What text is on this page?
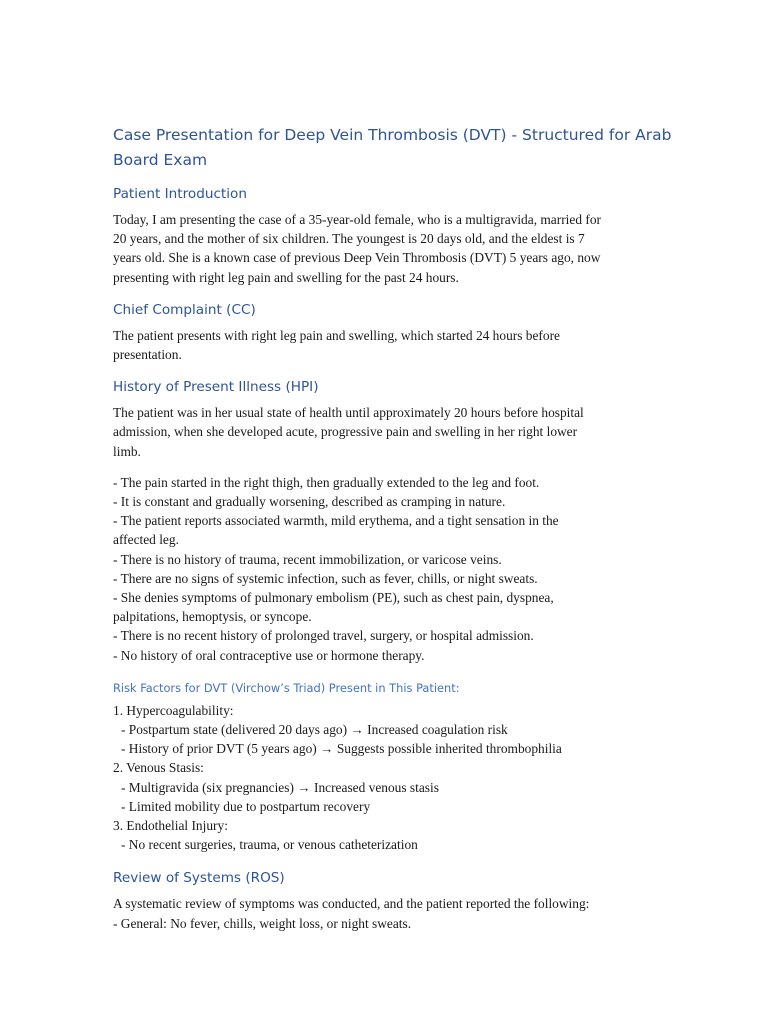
Case Presentation for Deep Vein Thrombosis (DVT) - Structured for Arab
Board Exam
Patient Introduction
Today, I am presenting the case of a 35-year-old female, who is a multigravida, married for
20 years, and the mother of six children. The youngest is 20 days old, and the eldest is 7
years old. She is a known case of previous Deep Vein Thrombosis (DVT) 5 years ago, now
presenting with right leg pain and swelling for the past 24 hours.
Chief Complaint (CC)
The patient presents with right leg pain and swelling, which started 24 hours before
presentation.
History of Present Illness (HPI)
The patient was in her usual state of health until approximately 20 hours before hospital
admission, when she developed acute, progressive pain and swelling in her right lower
limb.
- The pain started in the right thigh, then gradually extended to the leg and foot.
- It is constant and gradually worsening, described as cramping in nature.
- The patient reports associated warmth, mild erythema, and a tight sensation in the
affected leg.
- There is no history of trauma, recent immobilization, or varicose veins.
- There are no signs of systemic infection, such as fever, chills, or night sweats.
- She denies symptoms of pulmonary embolism (PE), such as chest pain, dyspnea,
palpitations, hemoptysis, or syncope.
- There is no recent history of prolonged travel, surgery, or hospital admission.
- No history of oral contraceptive use or hormone therapy.
Risk Factors for DVT (Virchow’s Triad) Present in This Patient:
1. Hypercoagulability:
- Postpartum state (delivered 20 days ago) → Increased coagulation risk
- History of prior DVT (5 years ago) → Suggests possible inherited thrombophilia
2. Venous Stasis:
- Multigravida (six pregnancies) → Increased venous stasis
- Limited mobility due to postpartum recovery
3. Endothelial Injury:
- No recent surgeries, trauma, or venous catheterization
Review of Systems (ROS)
A systematic review of symptoms was conducted, and the patient reported the following:
- General: No fever, chills, weight loss, or night sweats.
